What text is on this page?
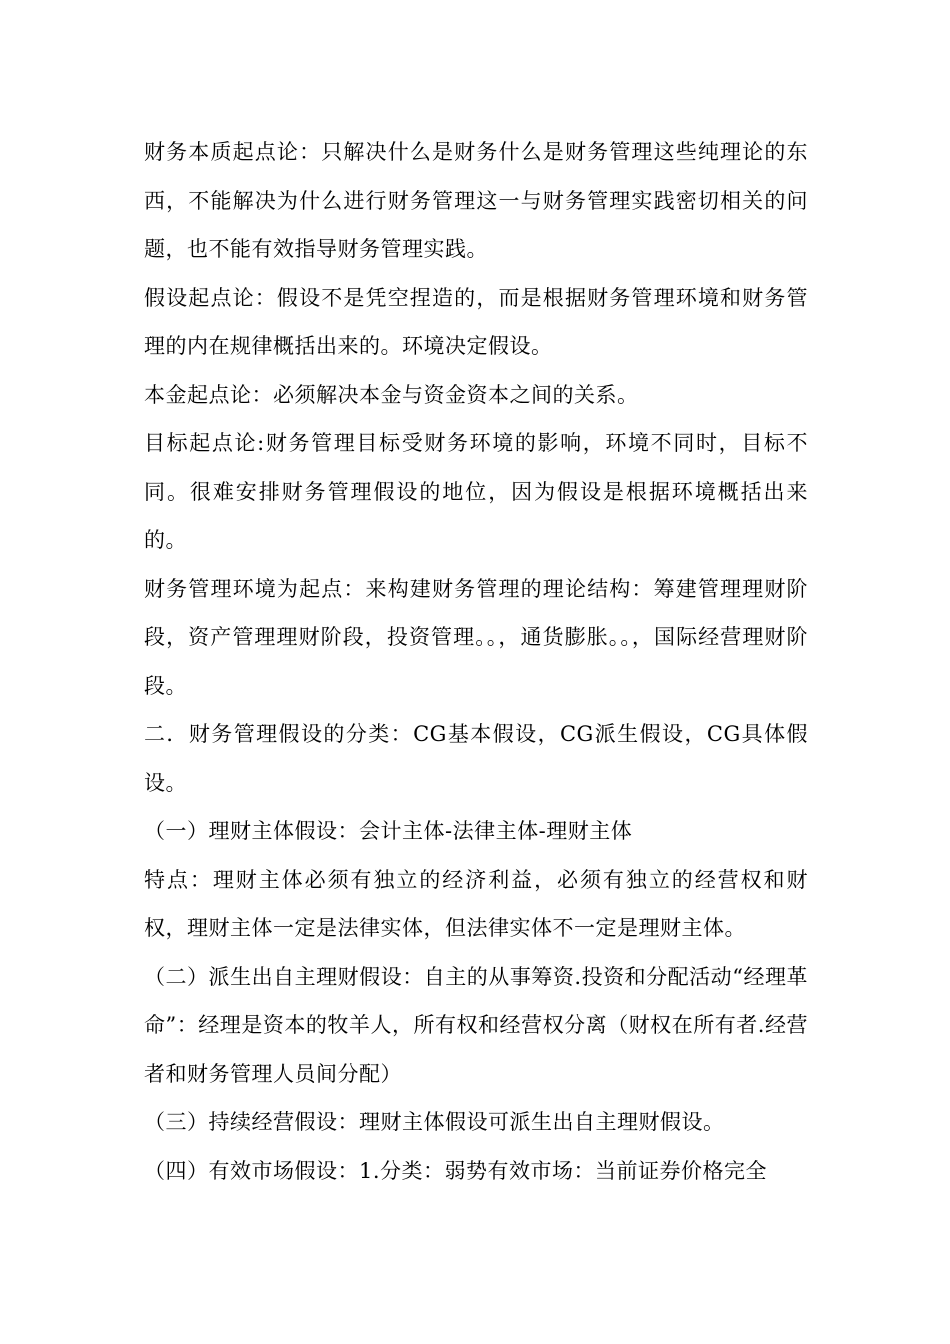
财务本质起点论：只解决什么是财务什么是财务管理这些纯理论的东西，不能解决为什么进行财务管理这一与财务管理实践密切相关的问题，也不能有效指导财务管理实践。

假设起点论：假设不是凭空捏造的，而是根据财务管理环境和财务管理的内在规律概括出来的。环境决定假设。

本金起点论：必须解决本金与资金资本之间的关系。

目标起点论:财务管理目标受财务环境的影响，环境不同时，目标不同。很难安排财务管理假设的地位，因为假设是根据环境概括出来的。

财务管理环境为起点：来构建财务管理的理论结构：筹建管理理财阶段，资产管理理财阶段，投资管理。。，通货膨胀。。，国际经营理财阶段。

二．财务管理假设的分类：CG基本假设，CG派生假设，CG具体假设。

（一）理财主体假设：会计主体-法律主体-理财主体

特点：理财主体必须有独立的经济利益，必须有独立的经营权和财权，理财主体一定是法律实体，但法律实体不一定是理财主体。

（二）派生出自主理财假设：自主的从事筹资.投资和分配活动“经理革命”：经理是资本的牧羊人，所有权和经营权分离（财权在所有者.经营者和财务管理人员间分配）

（三）持续经营假设：理财主体假设可派生出自主理财假设。

（四）有效市场假设：1.分类：弱势有效市场：当前证券价格完全
